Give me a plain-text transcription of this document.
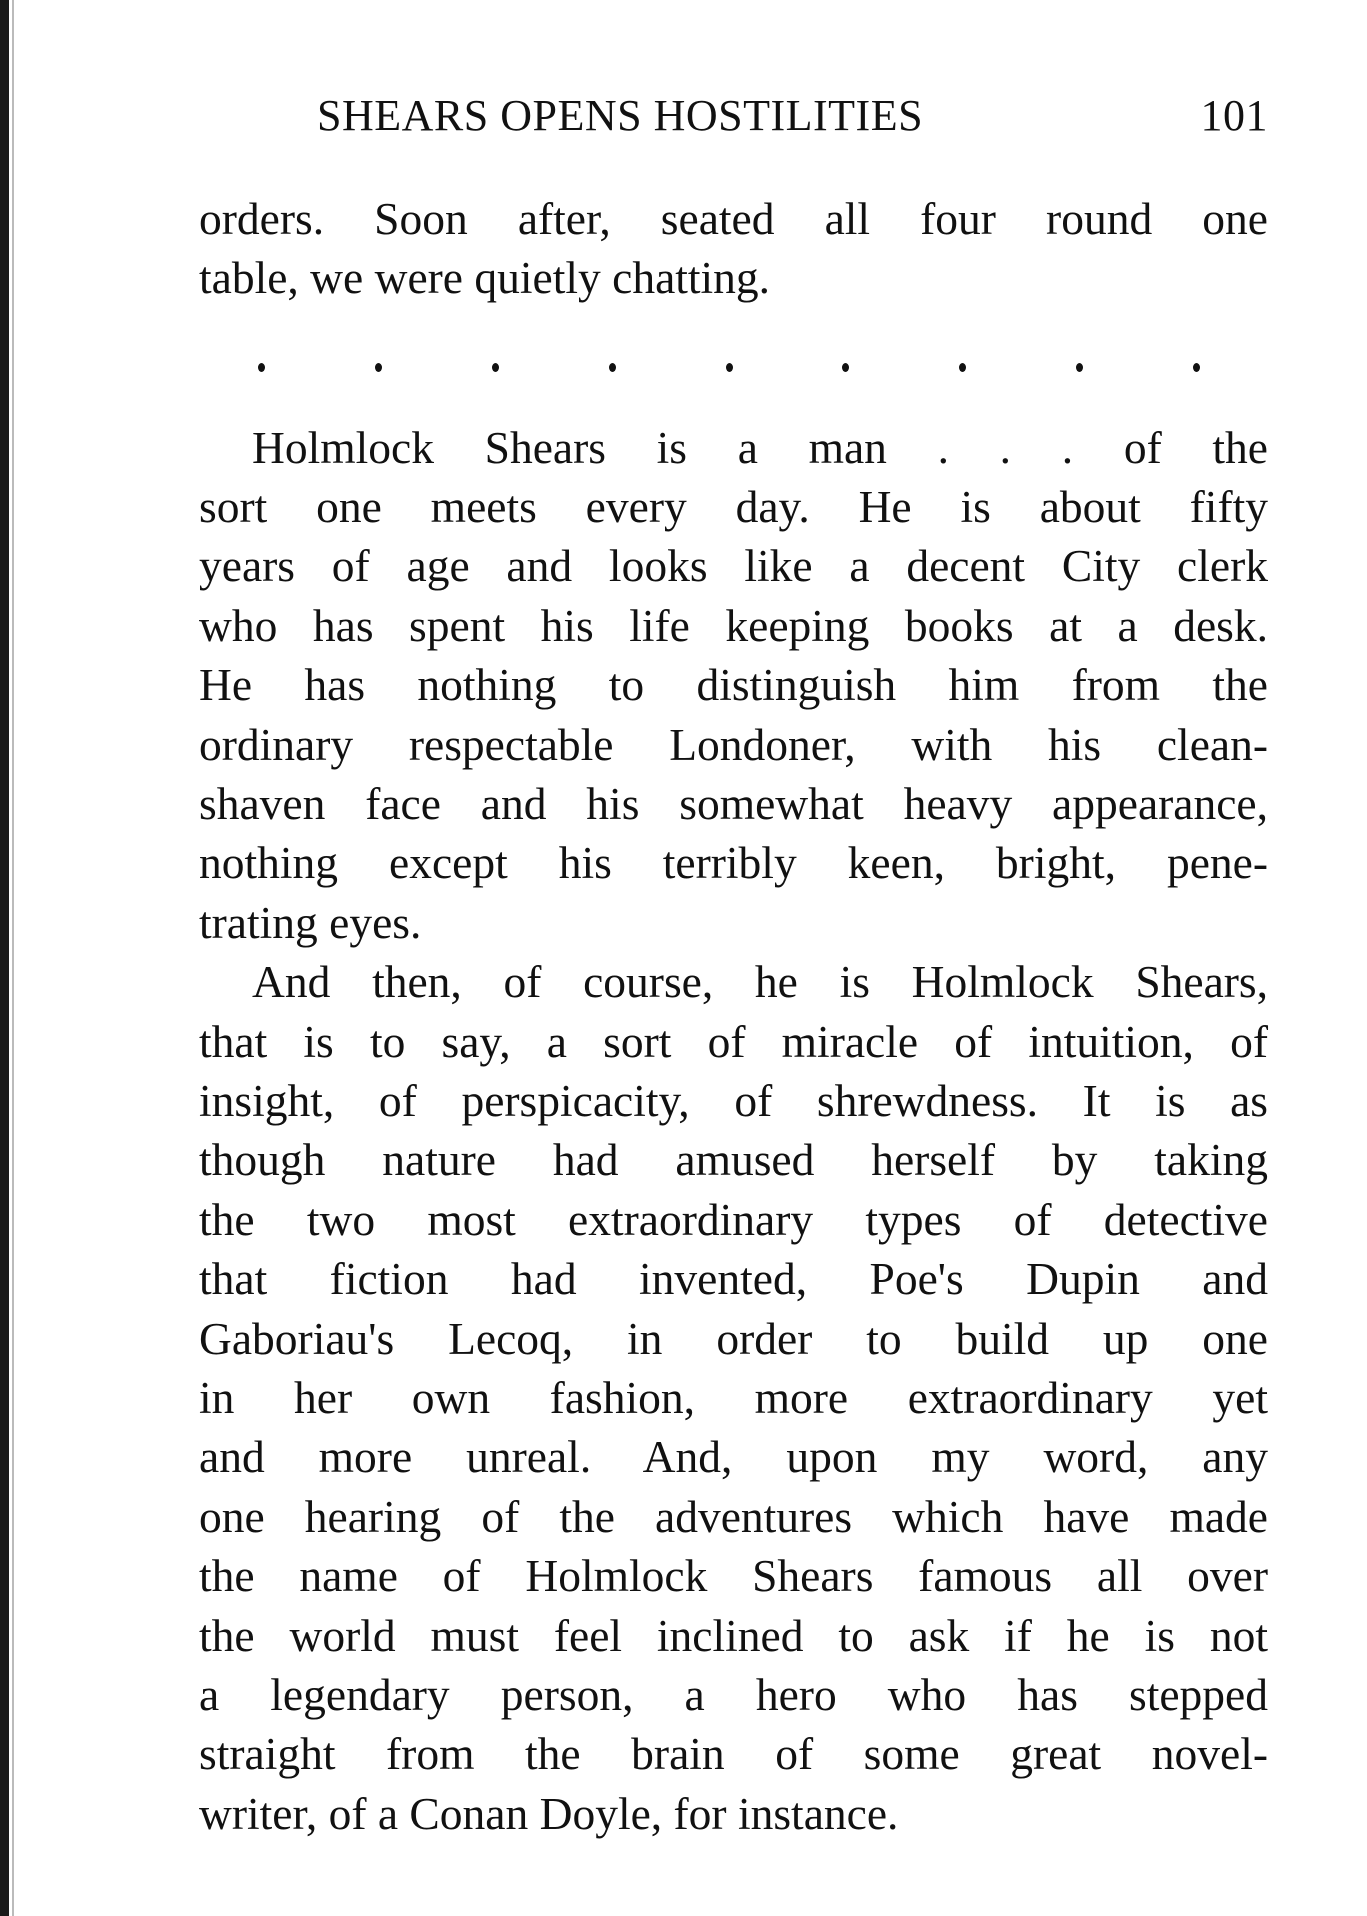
SHEARS OPENS HOSTILITIES	101
orders. Soon after, seated all four round one
table, we were quietly chatting.
Holmlock Shears is a man . . . of the
sort one meets every day. He is about fifty
years of age and looks like a decent City clerk
who has spent his life keeping books at a desk.
He has nothing to distinguish him from the
ordinary respectable Londoner, with his clean-
shaven face and his somewhat heavy appearance,
nothing except his terribly keen, bright, pene-
trating eyes.
And then, of course, he is Holmlock Shears,
that is to say, a sort of miracle of intuition, of
insight, of perspicacity, of shrewdness. It is as
though nature had amused herself by taking
the two most extraordinary types of detective
that fiction had invented, Poe's Dupin and
Gaboriau's Lecoq, in order to build up one
in her own fashion, more extraordinary yet
and more unreal. And, upon my word, any
one hearing of the adventures which have made
the name of Holmlock Shears famous all over
the world must feel inclined to ask if he is not
a legendary person, a hero who has stepped
straight from the brain of some great novel-
writer, of a Conan Doyle, for instance.
